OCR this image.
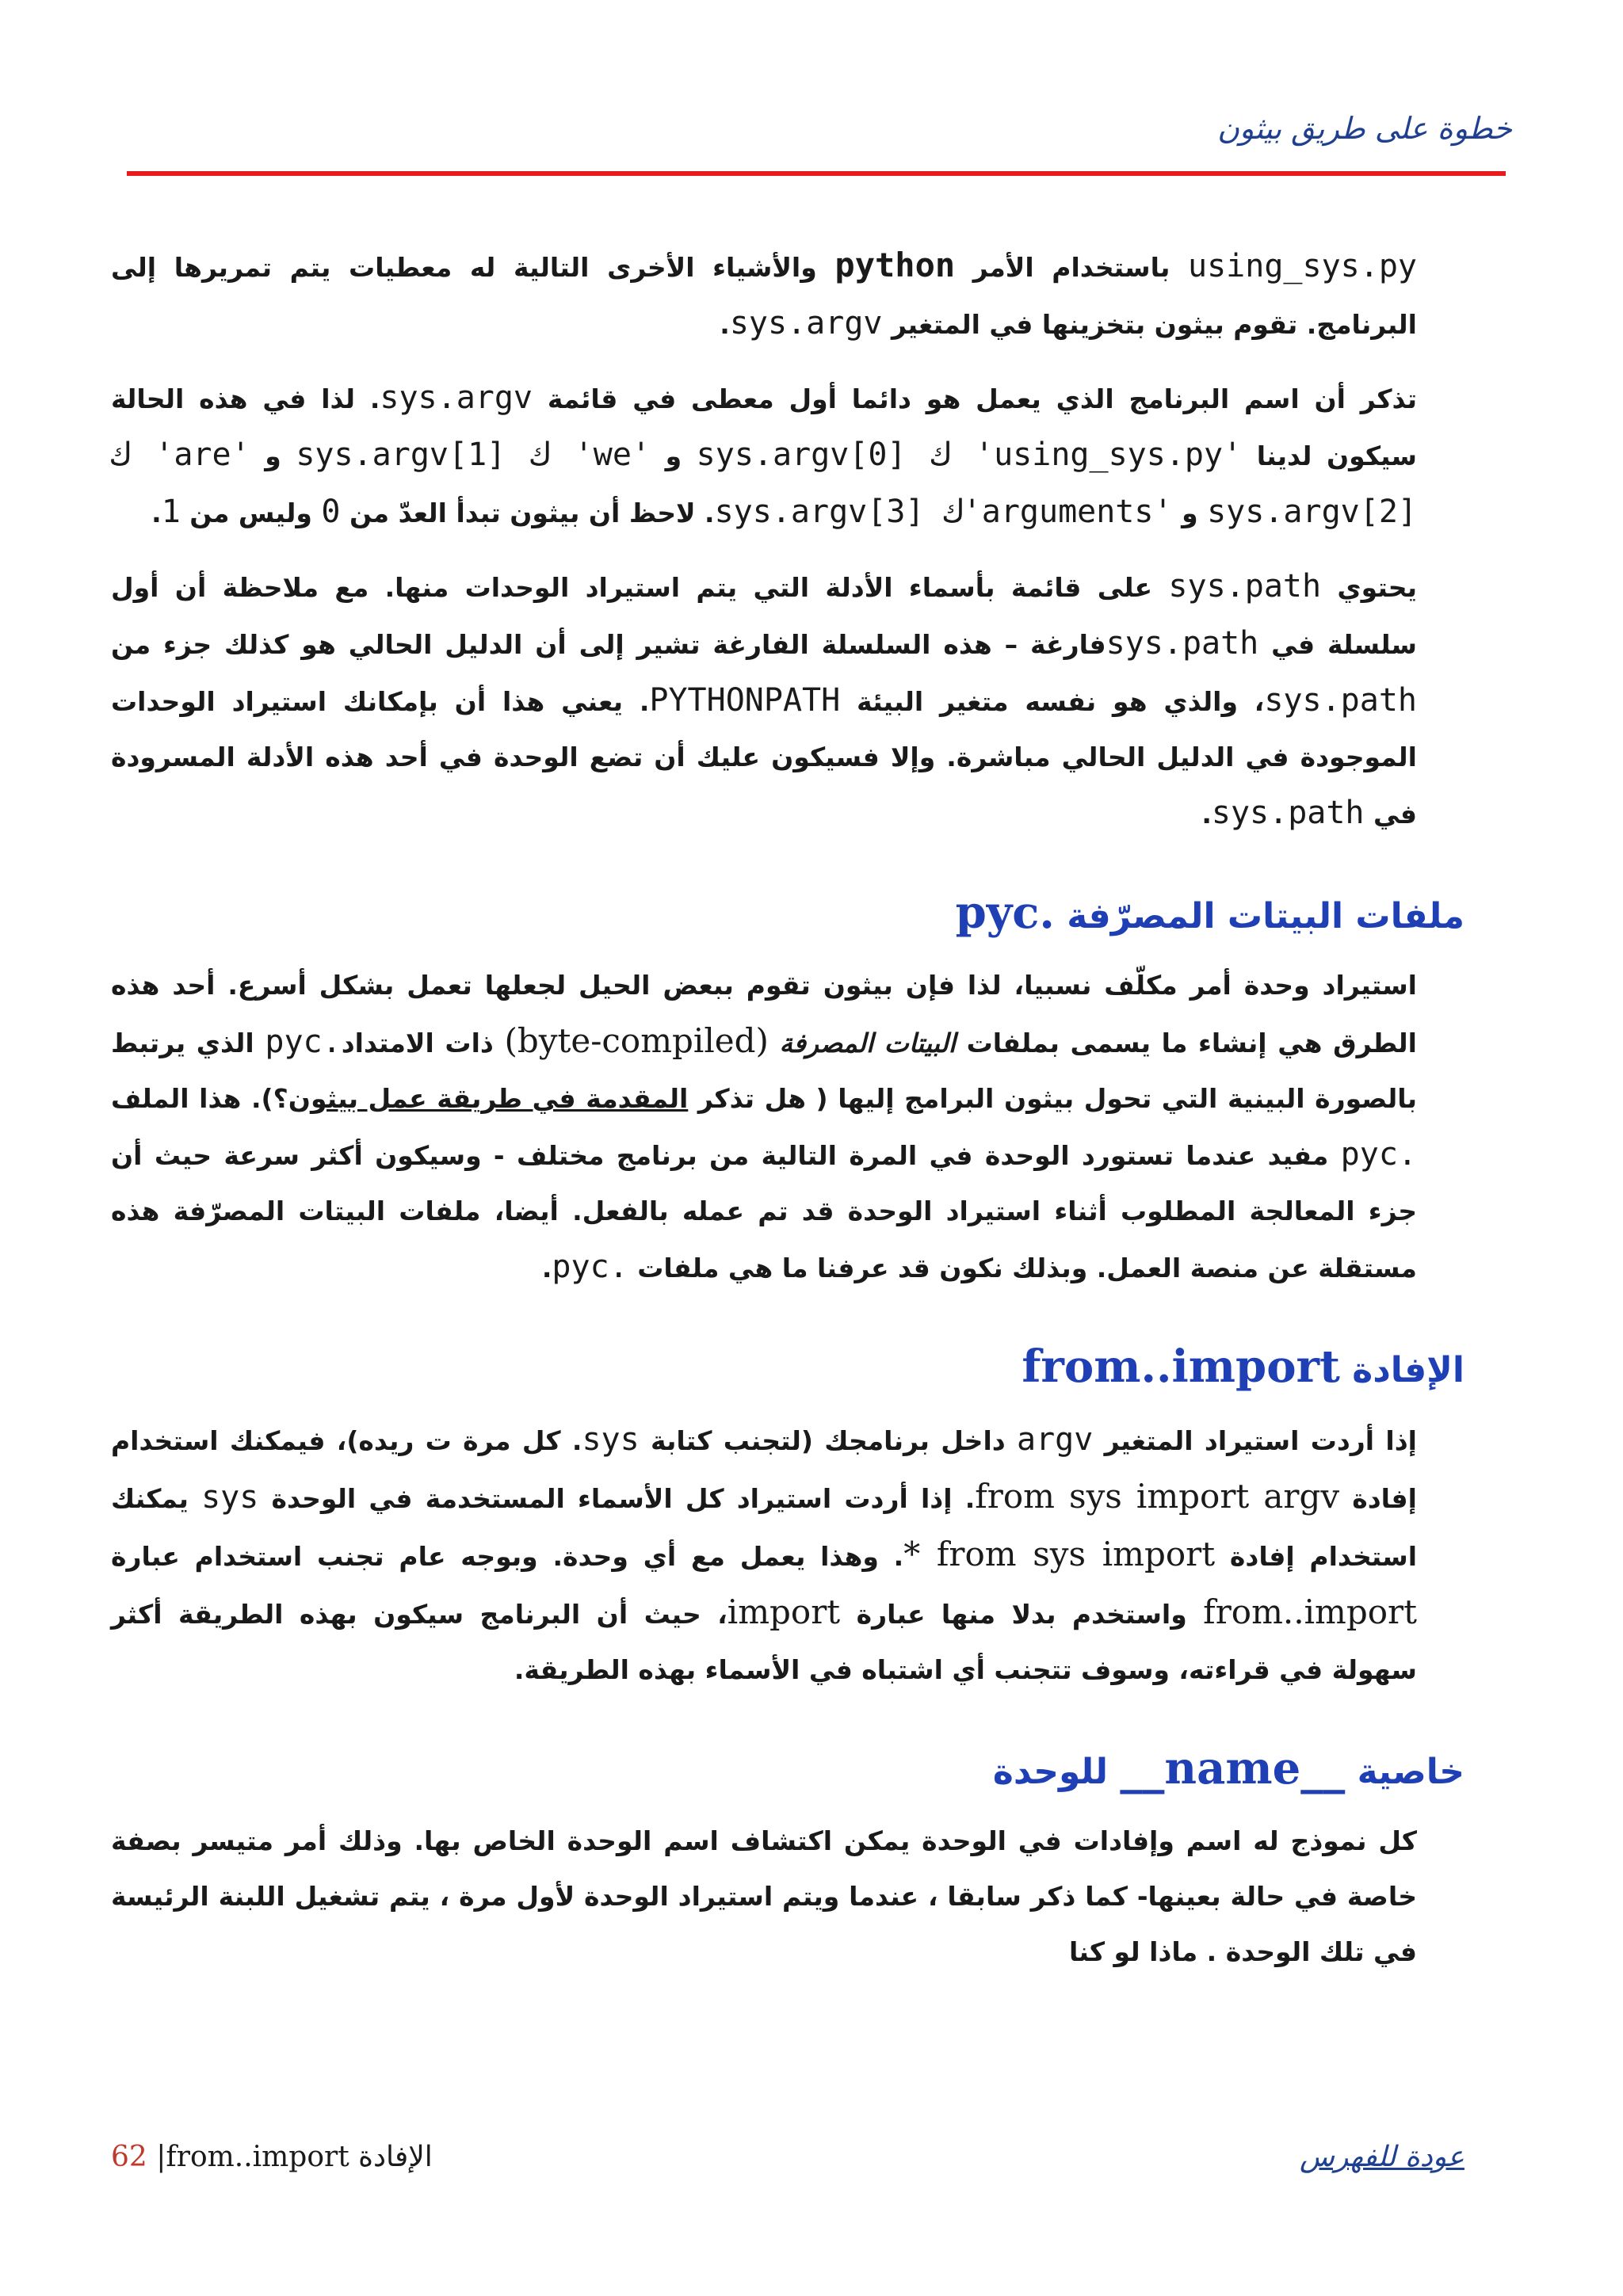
خطوة على طريق بيثون

using_sys.py باستخدام الأمر python والأشياء الأخرى التالية له معطيات يتم تمريرها إلى البرنامج. تقوم بيثون بتخزينها في المتغير sys.argv.

تذكر أن اسم البرنامج الذي يعمل هو دائما أول معطى في قائمة sys.argv. لذا في هذه الحالة سيكون لدينا 'using_sys.py' ك [sys.argv[0 و 'we' ك [sys.argv[1 و 'are' ك [sys.argv[2 و 'arguments'ك [sys.argv[3. لاحظ أن بيثون تبدأ العدّ من 0 وليس من 1.

يحتوي sys.path على قائمة بأسماء الأدلة التي يتم استيراد الوحدات منها. مع ملاحظة أن أول سلسلة في sys.pathفارغة – هذه السلسلة الفارغة تشير إلى أن الدليل الحالي هو كذلك جزء من sys.path، والذي هو نفسه متغير البيئة PYTHONPATH. يعني هذا أن بإمكانك استيراد الوحدات الموجودة في الدليل الحالي مباشرة. وإلا فسيكون عليك أن تضع الوحدة في أحد هذه الأدلة المسرودة في sys.path.

ملفات البيتات المصرّفة .pyc

استيراد وحدة أمر مكلّف نسبيا، لذا فإن بيثون تقوم ببعض الحيل لجعلها تعمل بشكل أسرع. أحد هذه الطرق هي إنشاء ما يسمى بملفات البيتات المصرفة (byte-compiled) ذات الامتداد.pyc الذي يرتبط بالصورة البينية التي تحول بيثون البرامج إليها ( هل تذكر المقدمة في طريقة عمل بيثون؟). هذا الملف .pyc مفيد عندما تستورد الوحدة في المرة التالية من برنامج مختلف - وسيكون أكثر سرعة حيث أن جزء المعالجة المطلوب أثناء استيراد الوحدة قد تم عمله بالفعل. أيضا، ملفات البيتات المصرّفة هذه مستقلة عن منصة العمل. وبذلك نكون قد عرفنا ما هي ملفات .pyc.

الإفادة from..import

إذا أردت استيراد المتغير argv داخل برنامجك (لتجنب كتابة sys. كل مرة ت ريده)، فيمكنك استخدام إفادة from sys import argv. إذا أردت استيراد كل الأسماء المستخدمة في الوحدة sys يمكنك استخدام إفادة from sys import *. وهذا يعمل مع أي وحدة. وبوجه عام تجنب استخدام عبارة from..import واستخدم بدلا منها عبارة import، حيث أن البرنامج سيكون بهذه الطريقة أكثر سهولة في قراءته، وسوف تتجنب أي اشتباه في الأسماء بهذه الطريقة.

خاصية __name__ للوحدة

كل نموذج له اسم وإفادات في الوحدة يمكن اكتشاف اسم الوحدة الخاص بها. وذلك أمر متيسر بصفة خاصة في حالة بعينها- كما ذكر سابقا ، عندما ويتم استيراد الوحدة لأول مرة ، يتم تشغيل اللبنة الرئيسة في تلك الوحدة . ماذا لو كنا

62 |from..import الإفادة	عودة للفهرس
